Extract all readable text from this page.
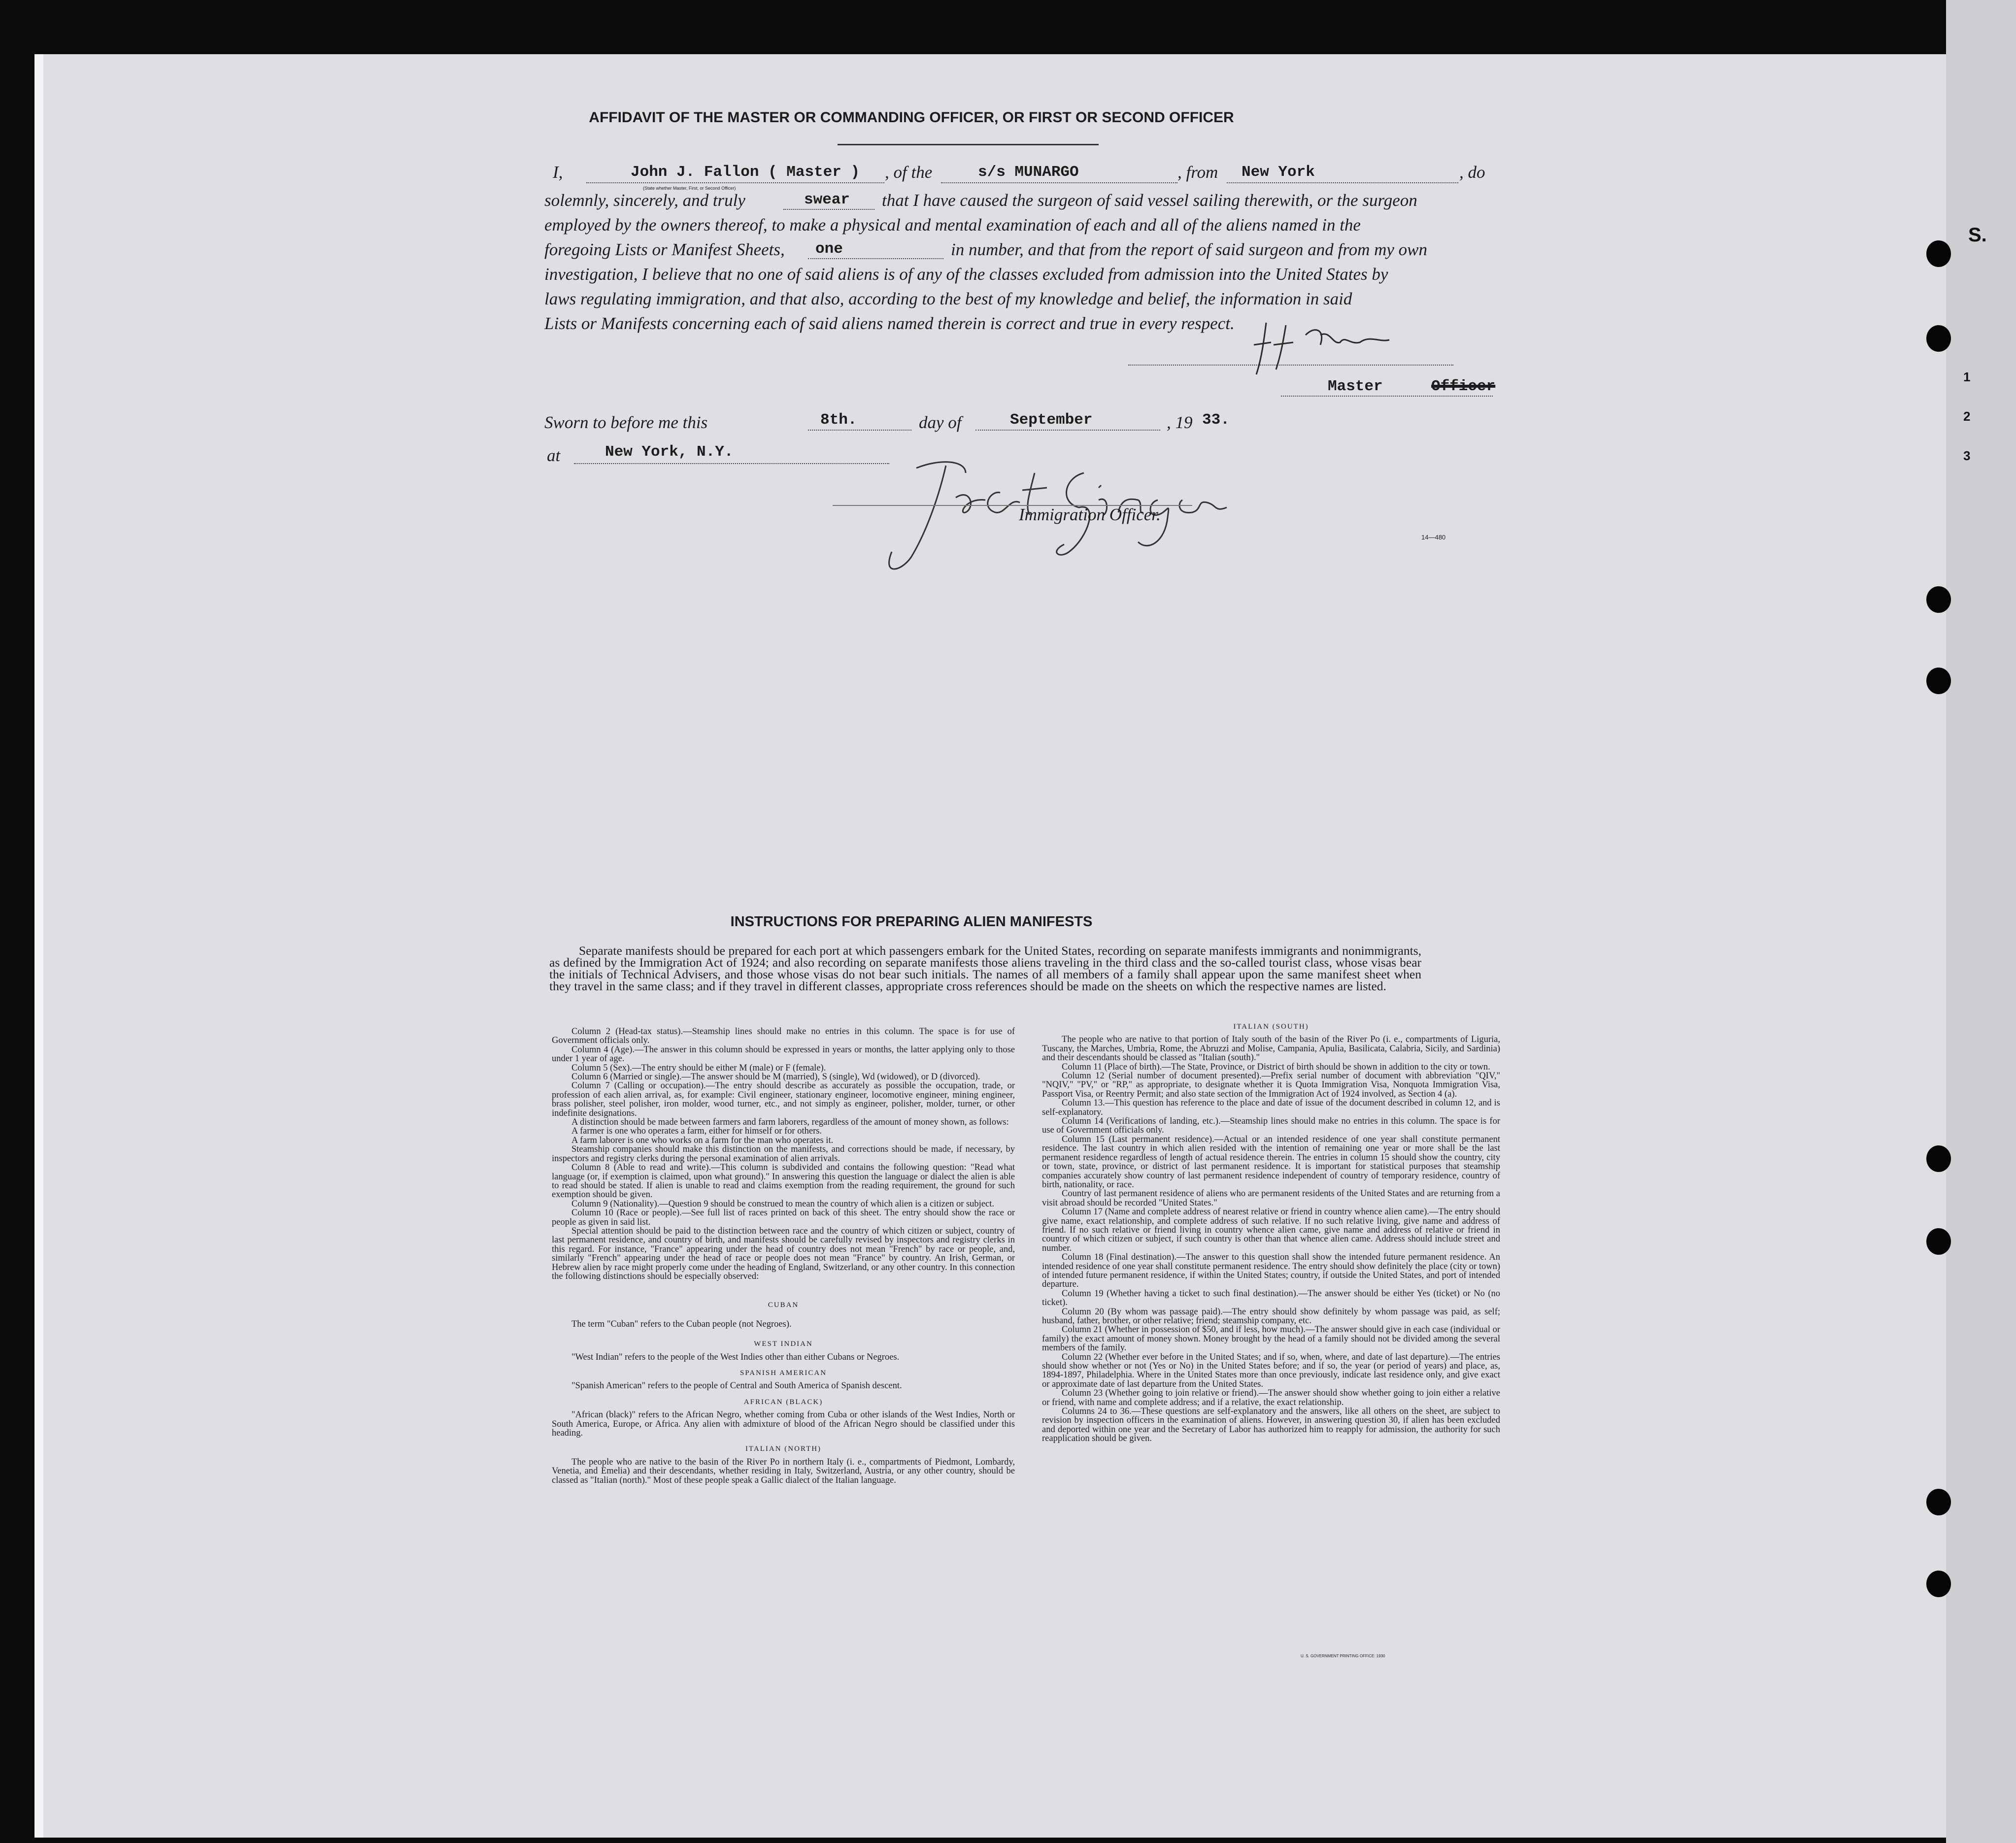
S.
1
2
3
AFFIDAVIT OF THE MASTER OR COMMANDING OFFICER, OR FIRST OR SECOND OFFICER
I,	John J. Fallon ( Master )
(State whether Master, First, or Second Officer)
, of the	s/s MUNARGO	, from New York	, do
solemnly, sincerely, and truly	swear that I have caused the surgeon of said vessel sailing therewith, or the surgeon
employed by the owners thereof, to make a physical and mental examination of each and all of the aliens named in the
foregoing Lists or Manifest Sheets, one	in number, and that from the report of said surgeon and from my own
investigation, I believe that no one of said aliens is of any of the classes excluded from admission into the United States by
laws regulating immigration, and that also, according to the best of my knowledge and belief, the information in said
Lists or Manifests concerning each of said aliens named therein is correct and true in every respect.
Master	Officer
Sworn to before me this	8th.	day of	September	, 19 33.
at	New York, N.Y.
Immigration Officer.
14—480
INSTRUCTIONS FOR PREPARING ALIEN MANIFESTS
Separate manifests should be prepared for each port at which passengers embark for the United States, recording on separate manifests immigrants and nonimmigrants, as defined by the Immigration Act of 1924; and also recording on separate manifests those aliens traveling in the third class and the so-called tourist class, whose visas bear the initials of Technical Advisers, and those whose visas do not bear such initials. The names of all members of a family shall appear upon the same manifest sheet when they travel in the same class; and if they travel in different classes, appropriate cross references should be made on the sheets on which the respective names are listed.

Column 2 (Head-tax status).—Steamship lines should make no entries in this column. The space is for use of Government officials only.

Column 4 (Age).—The answer in this column should be expressed in years or months, the latter applying only to those under 1 year of age.

Column 5 (Sex).—The entry should be either M (male) or F (female).

Column 6 (Married or single).—The answer should be M (married), S (single), Wd (widowed), or D (divorced).

Column 7 (Calling or occupation).—The entry should describe as accurately as possible the occupation, trade, or profession of each alien arrival, as, for example: Civil engineer, stationary engineer, locomotive engineer, mining engineer, brass polisher, steel polisher, iron molder, wood turner, etc., and not simply as engineer, polisher, molder, turner, or other indefinite designations.

A distinction should be made between farmers and farm laborers, regardless of the amount of money shown, as follows:

A farmer is one who operates a farm, either for himself or for others.

A farm laborer is one who works on a farm for the man who operates it.

Steamship companies should make this distinction on the manifests, and corrections should be made, if necessary, by inspectors and registry clerks during the personal examination of alien arrivals.

Column 8 (Able to read and write).—This column is subdivided and contains the following question: "Read what language (or, if exemption is claimed, upon what ground)." In answering this question the language or dialect the alien is able to read should be stated. If alien is unable to read and claims exemption from the reading requirement, the ground for such exemption should be given.

Column 9 (Nationality).—Question 9 should be construed to mean the country of which alien is a citizen or subject.

Column 10 (Race or people).—See full list of races printed on back of this sheet. The entry should show the race or people as given in said list.

Special attention should be paid to the distinction between race and the country of which citizen or subject, country of last permanent residence, and country of birth, and manifests should be carefully revised by inspectors and registry clerks in this regard. For instance, "France" appearing under the head of country does not mean "French" by race or people, and, similarly "French" appearing under the head of race or people does not mean "France" by country. An Irish, German, or Hebrew alien by race might properly come under the heading of England, Switzerland, or any other country. In this connection the following distinctions should be especially observed:

CUBAN

The term "Cuban" refers to the Cuban people (not Negroes).

WEST INDIAN

"West Indian" refers to the people of the West Indies other than either Cubans or Negroes.

SPANISH AMERICAN

"Spanish American" refers to the people of Central and South America of Spanish descent.

AFRICAN (BLACK)

"African (black)" refers to the African Negro, whether coming from Cuba or other islands of the West Indies, North or South America, Europe, or Africa. Any alien with admixture of blood of the African Negro should be classified under this heading.

ITALIAN (NORTH)

The people who are native to the basin of the River Po in northern Italy (i. e., compartments of Piedmont, Lombardy, Venetia, and Emelia) and their descendants, whether residing in Italy, Switzerland, Austria, or any other country, should be classed as "Italian (north)." Most of these people speak a Gallic dialect of the Italian language.

ITALIAN (SOUTH)

The people who are native to that portion of Italy south of the basin of the River Po (i. e., compartments of Liguria, Tuscany, the Marches, Umbria, Rome, the Abruzzi and Molise, Campania, Apulia, Basilicata, Calabria, Sicily, and Sardinia) and their descendants should be classed as "Italian (south)."

Column 11 (Place of birth).—The State, Province, or District of birth should be shown in addition to the city or town.

Column 12 (Serial number of document presented).—Prefix serial number of document with abbreviation "QIV," "NQIV," "PV," or "RP," as appropriate, to designate whether it is Quota Immigration Visa, Nonquota Immigration Visa, Passport Visa, or Reentry Permit; and also state section of the Immigration Act of 1924 involved, as Section 4 (a).

Column 13.—This question has reference to the place and date of issue of the document described in column 12, and is self-explanatory.

Column 14 (Verifications of landing, etc.).—Steamship lines should make no entries in this column. The space is for use of Government officials only.

Column 15 (Last permanent residence).—Actual or an intended residence of one year shall constitute permanent residence. The last country in which alien resided with the intention of remaining one year or more shall be the last permanent residence regardless of length of actual residence therein. The entries in column 15 should show the country, city or town, state, province, or district of last permanent residence. It is important for statistical purposes that steamship companies accurately show country of last permanent residence independent of country of temporary residence, country of birth, nationality, or race.

Country of last permanent residence of aliens who are permanent residents of the United States and are returning from a visit abroad should be recorded "United States."

Column 17 (Name and complete address of nearest relative or friend in country whence alien came).—The entry should give name, exact relationship, and complete address of such relative. If no such relative living, give name and address of friend. If no such relative or friend living in country whence alien came, give name and address of relative or friend in country of which citizen or subject, if such country is other than that whence alien came. Address should include street and number.

Column 18 (Final destination).—The answer to this question shall show the intended future permanent residence. An intended residence of one year shall constitute permanent residence. The entry should show definitely the place (city or town) of intended future permanent residence, if within the United States; country, if outside the United States, and port of intended departure.

Column 19 (Whether having a ticket to such final destination).—The answer should be either Yes (ticket) or No (no ticket).

Column 20 (By whom was passage paid).—The entry should show definitely by whom passage was paid, as self; husband, father, brother, or other relative; friend; steamship company, etc.

Column 21 (Whether in possession of $50, and if less, how much).—The answer should give in each case (individual or family) the exact amount of money shown. Money brought by the head of a family should not be divided among the several members of the family.

Column 22 (Whether ever before in the United States; and if so, when, where, and date of last departure).—The entries should show whether or not (Yes or No) in the United States before; and if so, the year (or period of years) and place, as, 1894-1897, Philadelphia. Where in the United States more than once previously, indicate last residence only, and give exact or approximate date of last departure from the United States.

Column 23 (Whether going to join relative or friend).—The answer should show whether going to join either a relative or friend, with name and complete address; and if a relative, the exact relationship.

Columns 24 to 36.—These questions are self-explanatory and the answers, like all others on the sheet, are subject to revision by inspection officers in the examination of aliens. However, in answering question 30, if alien has been excluded and deported within one year and the Secretary of Labor has authorized him to reapply for admission, the authority for such reapplication should be given.

U. S. GOVERNMENT PRINTING OFFICE: 1930
